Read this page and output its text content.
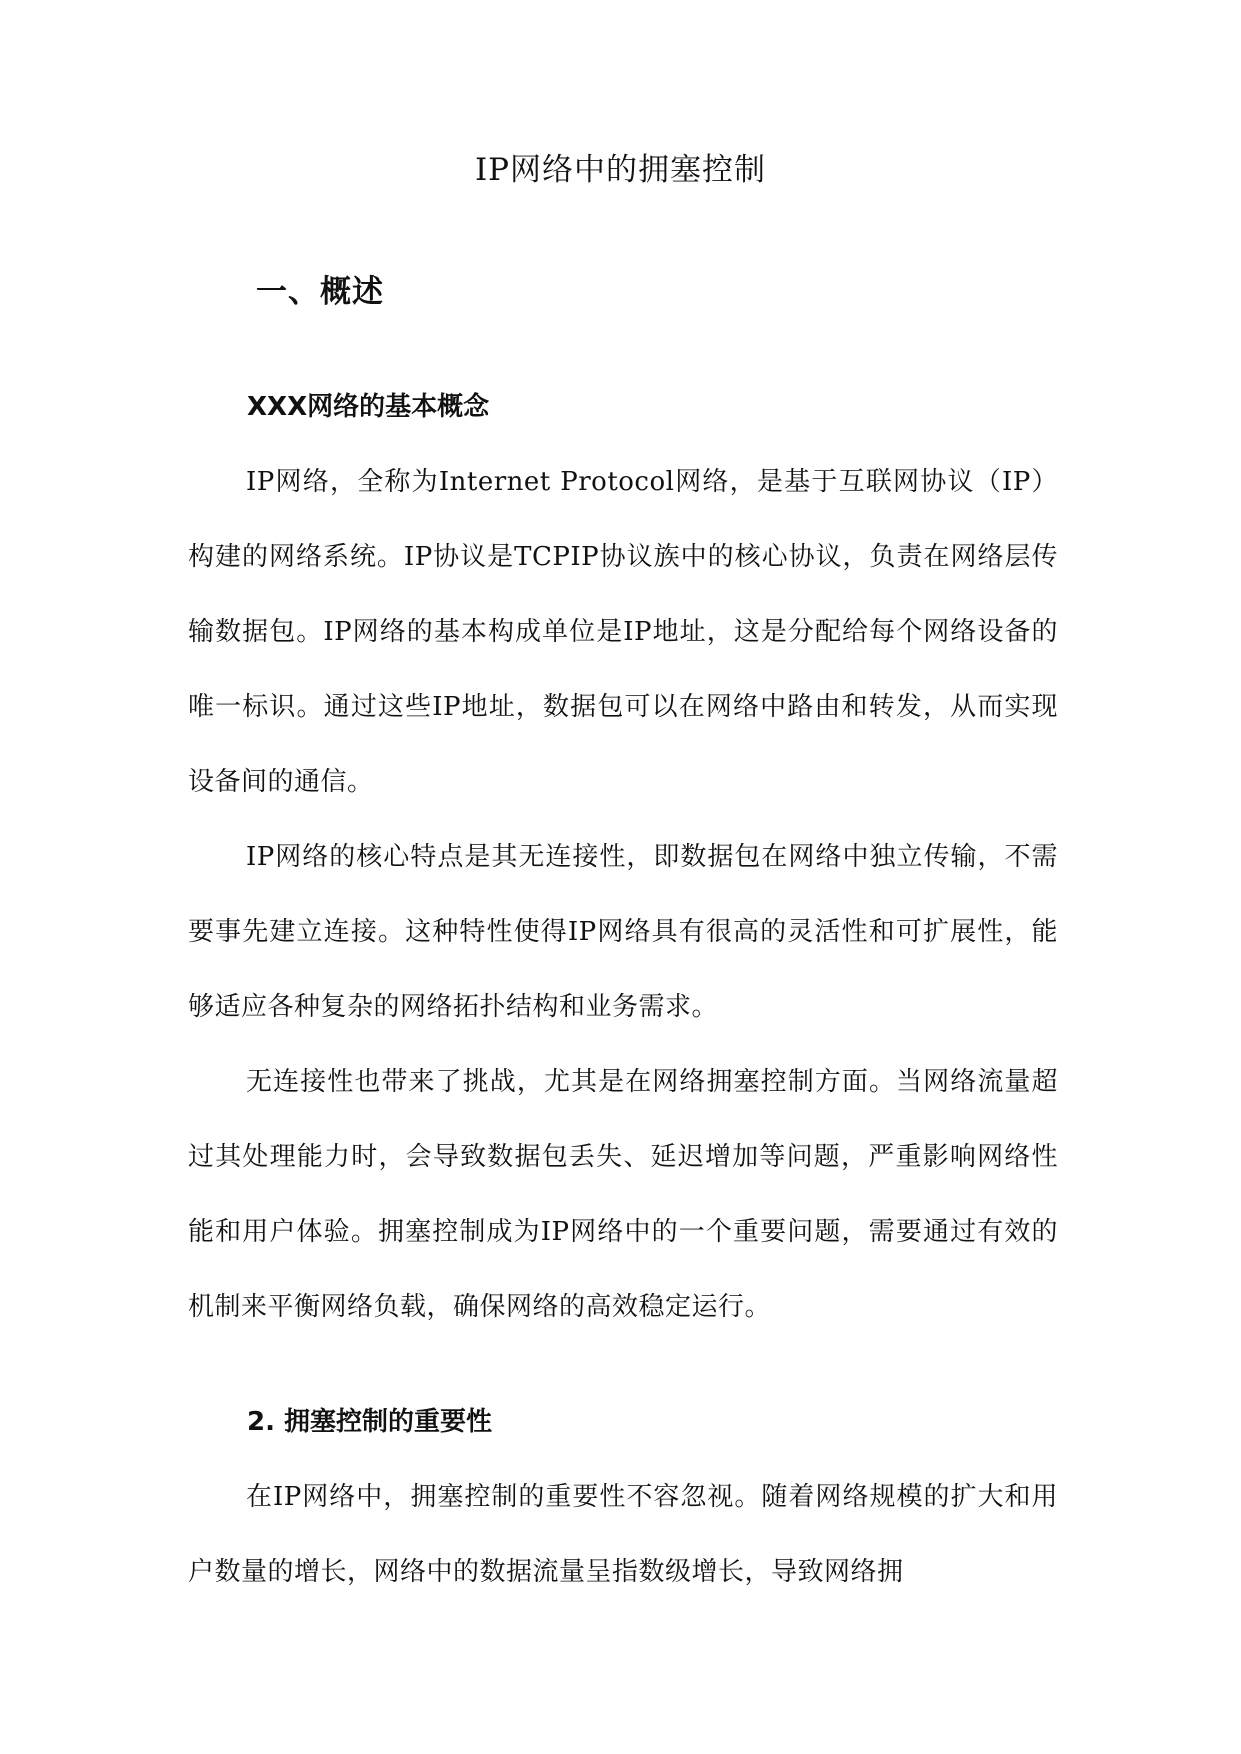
IP网络中的拥塞控制
一、概述
XXX网络的基本概念

IP网络，全称为Internet Protocol网络，是基于互联网协议（IP）构建的网络系统。IP协议是TCPIP协议族中的核心协议，负责在网络层传输数据包。IP网络的基本构成单位是IP地址，这是分配给每个网络设备的唯一标识。通过这些IP地址，数据包可以在网络中路由和转发，从而实现设备间的通信。

IP网络的核心特点是其无连接性，即数据包在网络中独立传输，不需要事先建立连接。这种特性使得IP网络具有很高的灵活性和可扩展性，能够适应各种复杂的网络拓扑结构和业务需求。

无连接性也带来了挑战，尤其是在网络拥塞控制方面。当网络流量超过其处理能力时，会导致数据包丢失、延迟增加等问题，严重影响网络性能和用户体验。拥塞控制成为IP网络中的一个重要问题，需要通过有效的机制来平衡网络负载，确保网络的高效稳定运行。

2. 拥塞控制的重要性

在IP网络中，拥塞控制的重要性不容忽视。随着网络规模的扩大和用户数量的增长，网络中的数据流量呈指数级增长，导致网络拥
